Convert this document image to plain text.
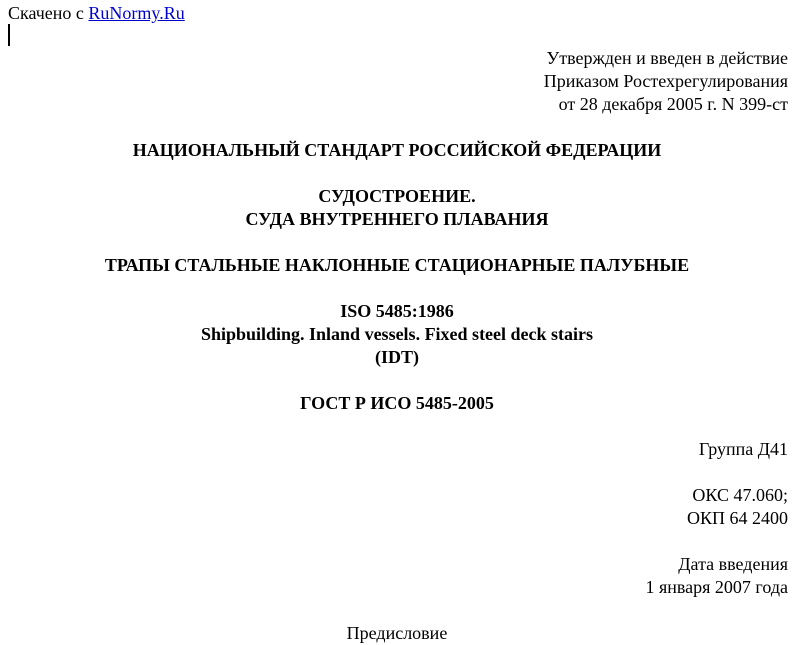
Скачено с RuNormy.Ru
Утвержден и введен в действие
Приказом Ростехрегулирования
от 28 декабря 2005 г. N 399-ст
НАЦИОНАЛЬНЫЙ СТАНДАРТ РОССИЙСКОЙ ФЕДЕРАЦИИ
СУДОСТРОЕНИЕ.
СУДА ВНУТРЕННЕГО ПЛАВАНИЯ
ТРАПЫ СТАЛЬНЫЕ НАКЛОННЫЕ СТАЦИОНАРНЫЕ ПАЛУБНЫЕ
ISO 5485:1986
Shipbuilding. Inland vessels. Fixed steel deck stairs
(IDT)
ГОСТ Р ИСО 5485-2005
Группа Д41
ОКС 47.060;
ОКП 64 2400
Дата введения
1 января 2007 года
Предисловие
